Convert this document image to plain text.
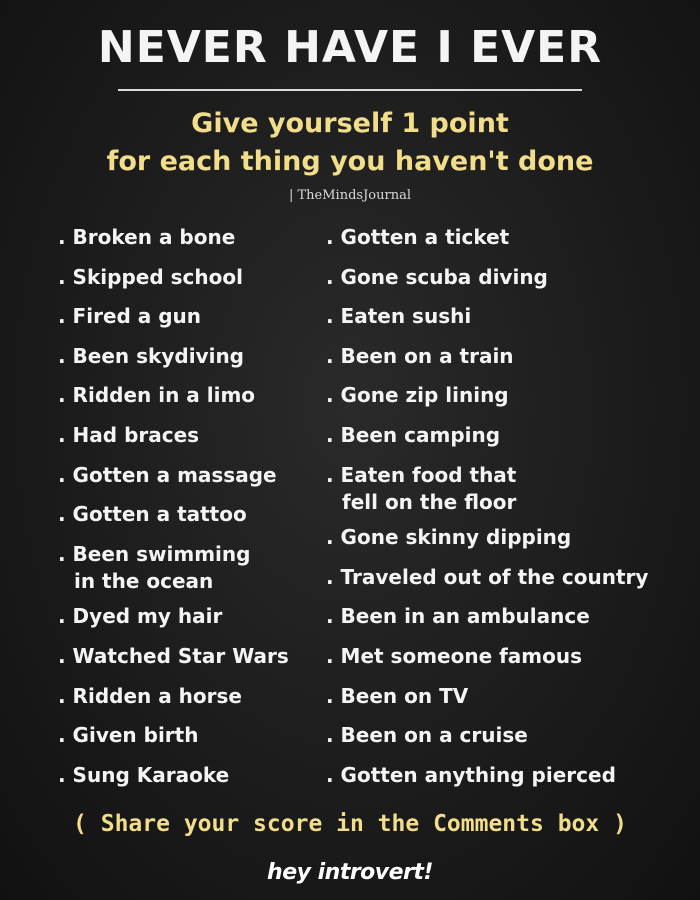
NEVER HAVE I EVER
Give yourself 1 point
for each thing you haven't done
| TheMindsJournal
. Broken a bone
. Skipped school
. Fired a gun
. Been skydiving
. Ridden in a limo
. Had braces
. Gotten a massage
. Gotten a tattoo
. Been swimming
in the ocean
. Dyed my hair
. Watched Star Wars
. Ridden a horse
. Given birth
. Sung Karaoke
. Gotten a ticket
. Gone scuba diving
. Eaten sushi
. Been on a train
. Gone zip lining
. Been camping
. Eaten food that
fell on the floor
. Gone skinny dipping
. Traveled out of the country
. Been in an ambulance
. Met someone famous
. Been on TV
. Been on a cruise
. Gotten anything pierced
( Share your score in the Comments box )
hey introvert!
